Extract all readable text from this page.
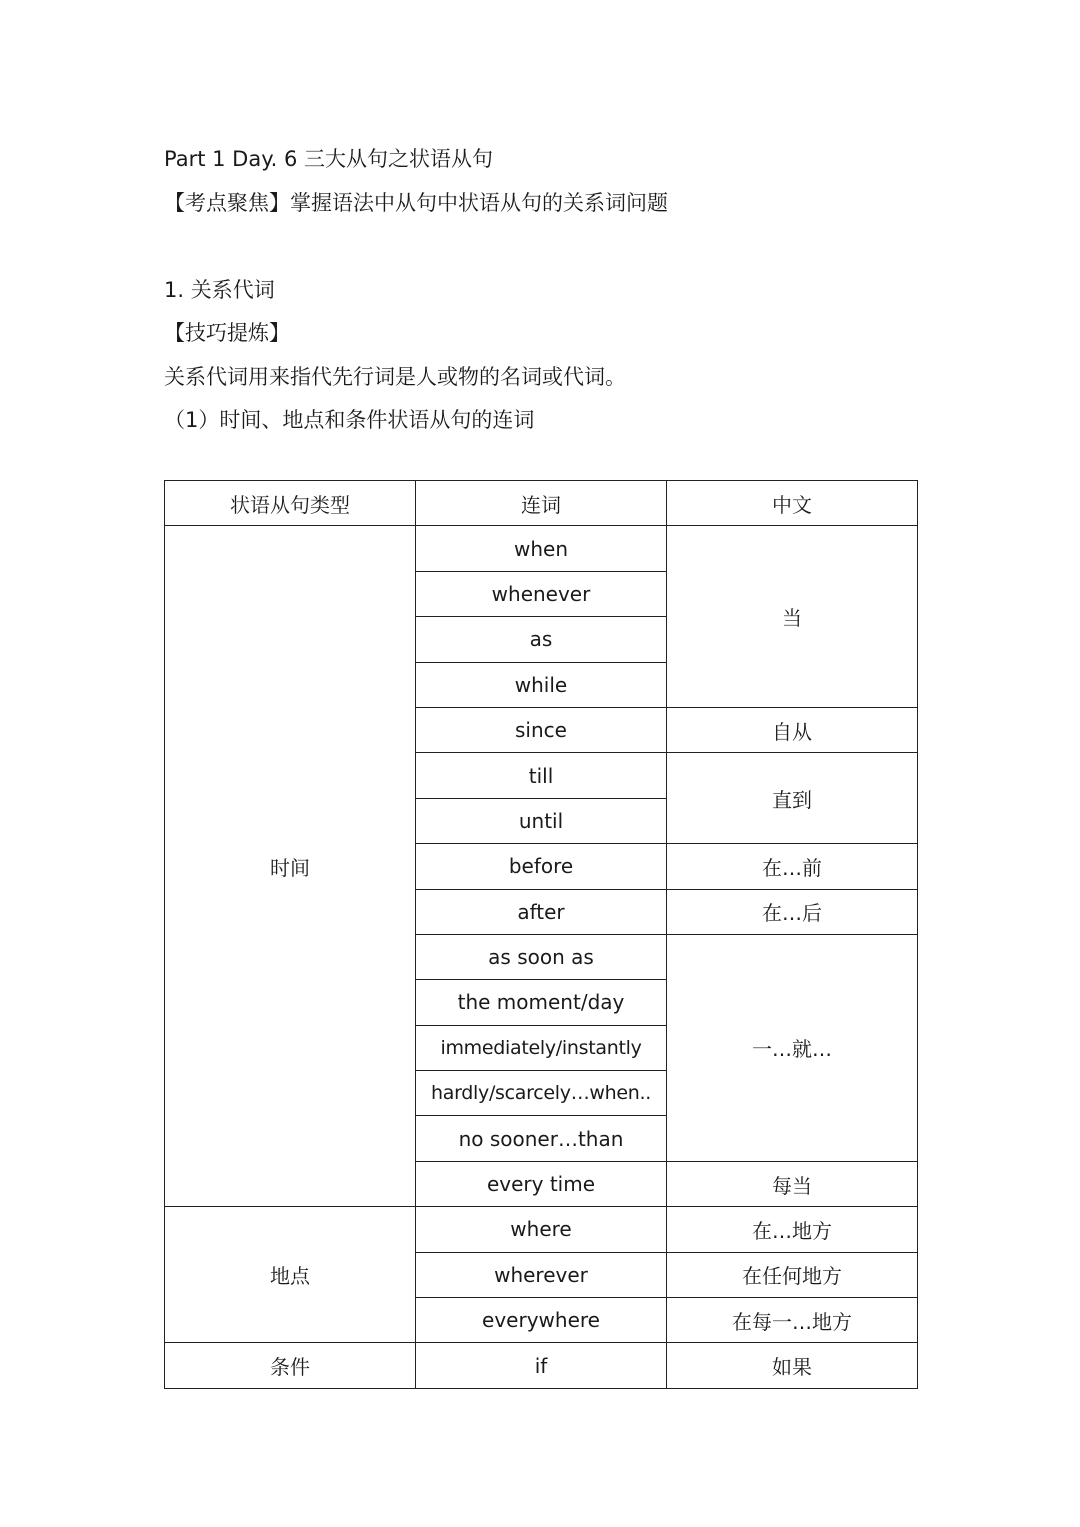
Part 1 Day. 6 三大从句之状语从句
【考点聚焦】掌握语法中从句中状语从句的关系词问题
1. 关系代词
【技巧提炼】
关系代词用来指代先行词是人或物的名词或代词。
（1）时间、地点和条件状语从句的连词
状语从句类型	连词	中文
时间	when	当
	whenever	
	as	
	while	
	since	自从
	till	直到
	until	
	before	在…前
	after	在…后
	as soon as	一…就…
	the moment/day	
	immediately/instantly	
	hardly/scarcely…when..	
	no sooner…than	
	every time	每当
地点	where	在…地方
	wherever	在任何地方
	everywhere	在每一…地方
条件	if	如果
